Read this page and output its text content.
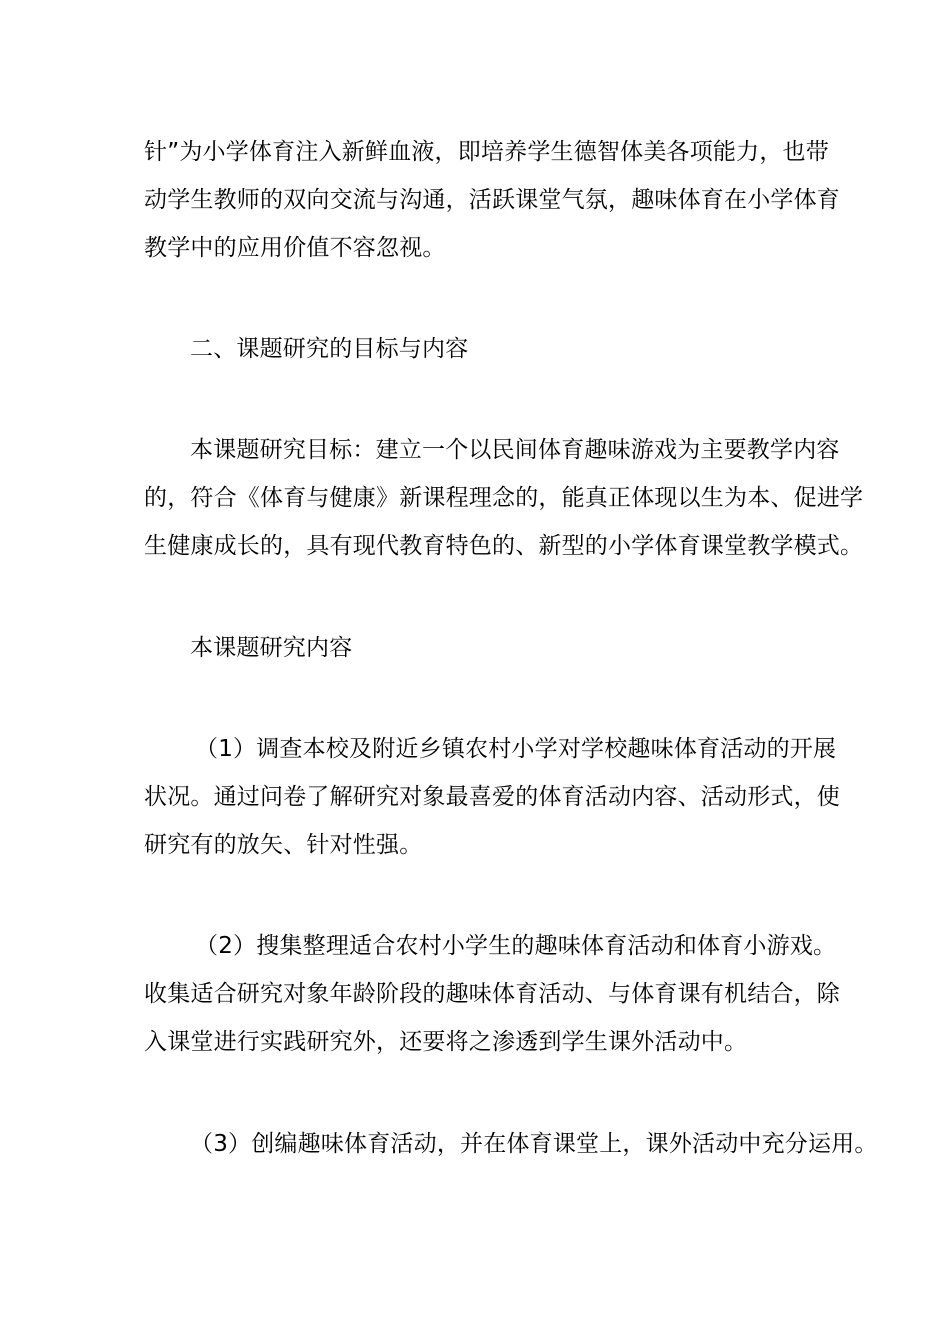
针”为小学体育注入新鲜血液，即培养学生德智体美各项能力，也带
动学生教师的双向交流与沟通，活跃课堂气氛，趣味体育在小学体育
教学中的应用价值不容忽视。
二、课题研究的目标与内容
本课题研究目标：建立一个以民间体育趣味游戏为主要教学内容
的，符合《体育与健康》新课程理念的，能真正体现以生为本、促进学
生健康成长的，具有现代教育特色的、新型的小学体育课堂教学模式。
本课题研究内容
（1）调查本校及附近乡镇农村小学对学校趣味体育活动的开展
状况。通过问卷了解研究对象最喜爱的体育活动内容、活动形式，使
研究有的放矢、针对性强。
（2）搜集整理适合农村小学生的趣味体育活动和体育小游戏。
收集适合研究对象年龄阶段的趣味体育活动、与体育课有机结合，除
入课堂进行实践研究外，还要将之渗透到学生课外活动中。
（3）创编趣味体育活动，并在体育课堂上，课外活动中充分运用。
